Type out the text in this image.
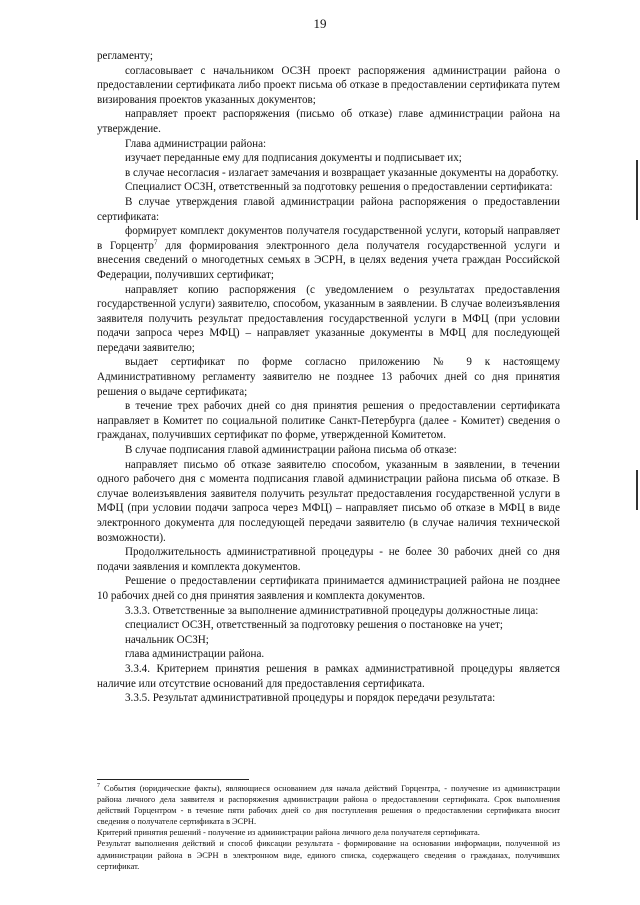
19

регламенту;

согласовывает с начальником ОСЗН проект распоряжения администрации района о предоставлении сертификата либо проект письма об отказе в предоставлении сертификата путем визирования проектов указанных документов;

направляет проект распоряжения (письмо об отказе) главе администрации района на утверждение.

Глава администрации района:

изучает переданные ему для подписания документы и подписывает их;

в случае несогласия - излагает замечания и возвращает указанные документы на доработку.

Специалист ОСЗН, ответственный за подготовку решения о предоставлении сертификата:

В случае утверждения главой администрации района распоряжения о предоставлении сертификата:

формирует комплект документов получателя государственной услуги, который направляет в Горцентр$^7$ для формирования электронного дела получателя государственной услуги и внесения сведений о многодетных семьях в ЭСРН, в целях ведения учета граждан Российской Федерации, получивших сертификат;

направляет копию распоряжения (с уведомлением о результатах предоставления государственной услуги) заявителю, способом, указанным в заявлении. В случае волеизъявления заявителя получить результат предоставления государственной услуги в МФЦ (при условии подачи запроса через МФЦ) – направляет указанные документы в МФЦ для последующей передачи заявителю;

выдает сертификат по форме согласно приложению № 9 к настоящему Административному регламенту заявителю не позднее 13 рабочих дней со дня принятия решения о выдаче сертификата;

в течение трех рабочих дней со дня принятия решения о предоставлении сертификата направляет в Комитет по социальной политике Санкт-Петербурга (далее - Комитет) сведения о гражданах, получивших сертификат по форме, утвержденной Комитетом.

В случае подписания главой администрации района письма об отказе:

направляет письмо об отказе заявителю способом, указанным в заявлении, в течении одного рабочего дня с момента подписания главой администрации района письма об отказе. В случае волеизъявления заявителя получить результат предоставления государственной услуги в МФЦ (при условии подачи запроса через МФЦ) – направляет письмо об отказе в МФЦ в виде электронного документа для последующей передачи заявителю (в случае наличия технической возможности).

Продолжительность административной процедуры - не более 30 рабочих дней со дня подачи заявления и комплекта документов.

Решение о предоставлении сертификата принимается администрацией района не позднее 10 рабочих дней со дня принятия заявления и комплекта документов.

3.3.3. Ответственные за выполнение административной процедуры должностные лица:

специалист ОСЗН, ответственный за подготовку решения о постановке на учет;

начальник ОСЗН;

глава администрации района.

3.3.4. Критерием принятия решения в рамках административной процедуры является наличие или отсутствие оснований для предоставления сертификата.

3.3.5. Результат административной процедуры и порядок передачи результата:

$^7$ События (юридические факты), являющиеся основанием для начала действий Горцентра, - получение из администрации района личного дела заявителя и распоряжения администрации района о предоставлении сертификата. Срок выполнения действий Горцентром - в течение пяти рабочих дней со дня поступления решения о предоставлении сертификата вносит сведения о получателе сертификата в ЭСРН.

Критерий принятия решений - получение из администрации района личного дела получателя сертификата.

Результат выполнения действий и способ фиксации результата - формирование на основании информации, полученной из администрации района в ЭСРН в электронном виде, единого списка, содержащего сведения о гражданах, получивших сертификат.
